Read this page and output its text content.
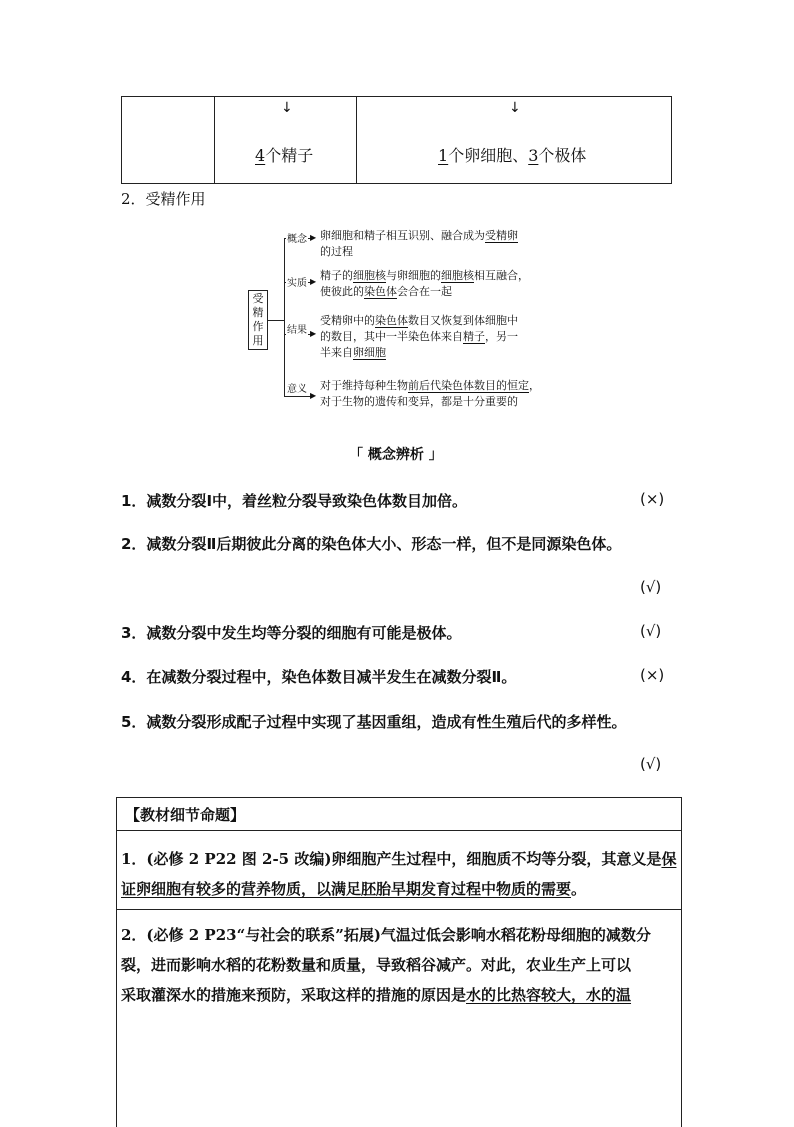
↓	↓
4个精子	1个卵细胞、3个极体
2．受精作用
受精作用
概念 ▶ 卵细胞和精子相互识别、融合成为受精卵
的过程
实质 ▶ 精子的细胞核与卵细胞的细胞核相互融合，
使彼此的染色体会合在一起
结果 ▶
受精卵中的染色体数目又恢复到体细胞中
的数目，其中一半染色体来自精子，另一
半来自卵细胞
意义
▶
对于维持每种生物前后代染色体数目的恒定，
对于生物的遗传和变异，都是十分重要的
「 概念辨析 」
1．减数分裂Ⅰ中，着丝粒分裂导致染色体数目加倍。	(×)
2．减数分裂Ⅱ后期彼此分离的染色体大小、形态一样，但不是同源染色体。
(√)
3．减数分裂中发生均等分裂的细胞有可能是极体。	(√)
4．在减数分裂过程中，染色体数目减半发生在减数分裂Ⅱ。	(×)
5．减数分裂形成配子过程中实现了基因重组，造成有性生殖后代的多样性。
(√)
【教材细节命题】
1．(必修 2 P22 图 2-5 改编)卵细胞产生过程中，细胞质不均等分裂，其意义是保
证卵细胞有较多的营养物质，以满足胚胎早期发育过程中物质的需要。
2．(必修 2 P23“与社会的联系”拓展)气温过低会影响水稻花粉母细胞的减数分
裂，进而影响水稻的花粉数量和质量，导致稻谷减产。对此，农业生产上可以
采取灌深水的措施来预防，采取这样的措施的原因是水的比热容较大，水的温
